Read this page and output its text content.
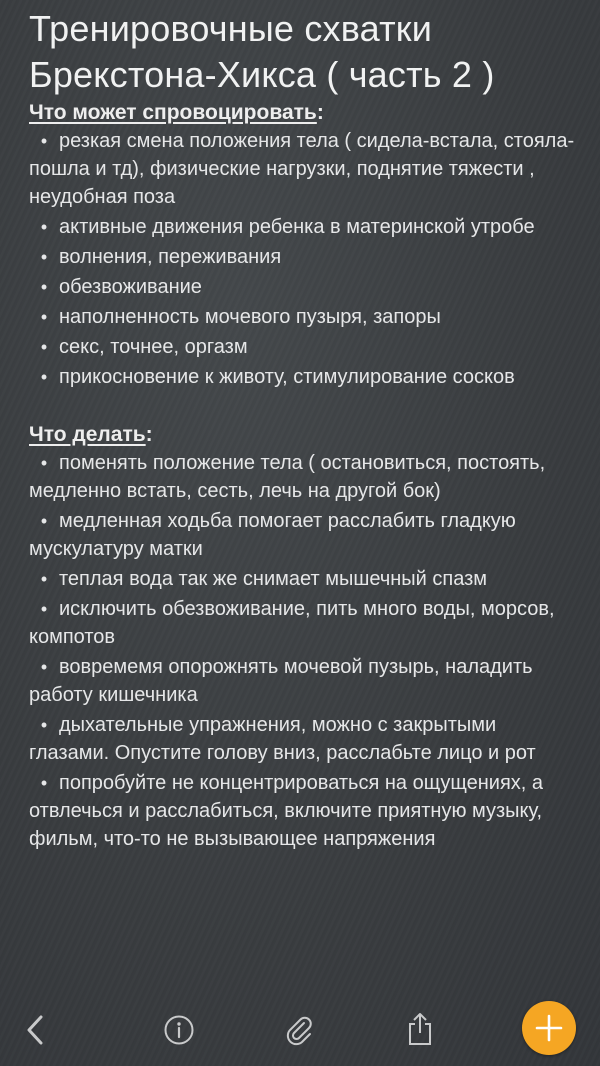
Тренировочные схватки
Брекстона-Хикса ( часть 2 )
Что может спровоцировать:
• резкая смена положения тела ( сидела-встала, стояла-пошла и тд), физические нагрузки, поднятие тяжести , неудобная поза
• активные движения ребенка в материнской утробе
• волнения, переживания
• обезвоживание
• наполненность мочевого пузыря, запоры
• секс, точнее, оргазм
• прикосновение к животу, стимулирование сосков
Что делать:
• поменять положение тела ( остановиться, постоять, медленно встать, сесть, лечь на другой бок)
• медленная ходьба помогает расслабить гладкую мускулатуру матки
• теплая вода так же снимает мышечный спазм
• исключить обезвоживание, пить много воды, морсов, компотов
• вовремемя опорожнять мочевой пузырь, наладить работу кишечника
• дыхательные упражнения, можно с закрытыми глазами. Опустите голову вниз, расслабьте лицо и рот
• попробуйте не концентрироваться на ощущениях, а отвлечься и расслабиться, включите приятную музыку, фильм, что-то не вызывающее напряжения
